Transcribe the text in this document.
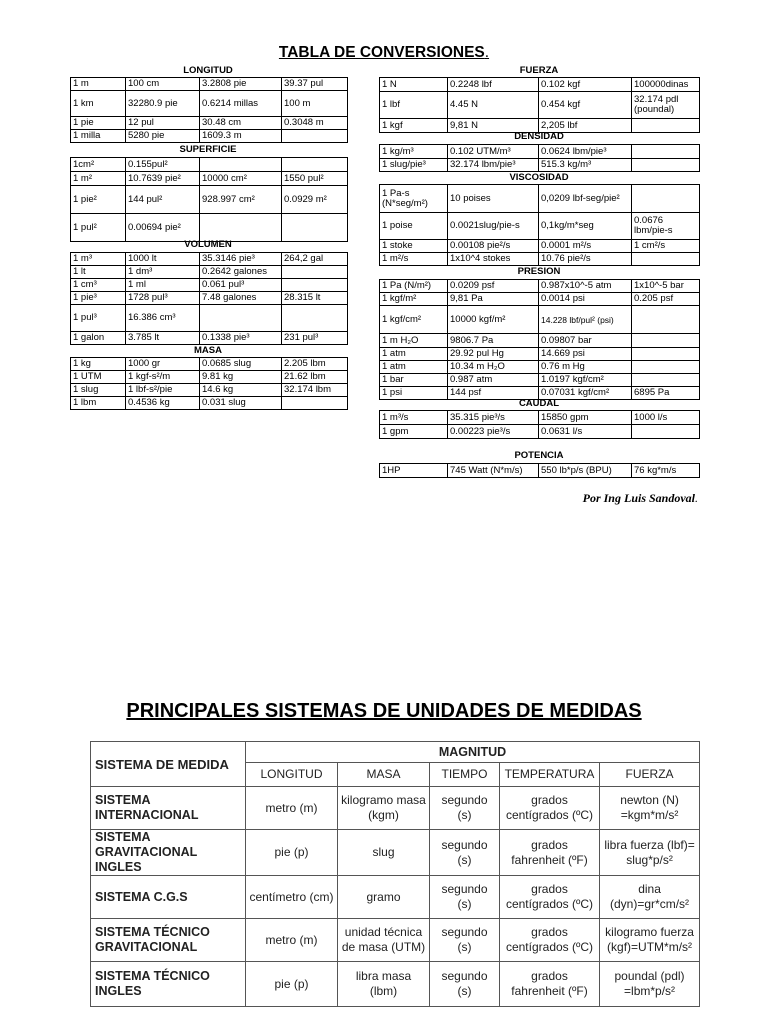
TABLA DE CONVERSIONES.
LONGITUD
1 m	100 cm	3.2808 pie	39.37 pul
1 km	32280.9 pie	0.6214 millas	100 m
1 pie	12 pul	30.48 cm	0.3048 m
1 milla	5280 pie	1609.3 m	
SUPERFICIE
1cm²	0.155pul²		
1 m²	10.7639 pie²	10000 cm²	1550 pul²
1 pie²	144 pul²	928.997 cm²	0.0929 m²
1 pul²	0.00694 pie²		
VOLUMEN
1 m³	1000 lt	35.3146 pie³	264,2 gal
1 lt	1 dm³	0.2642 galones	
1 cm³	1 ml	0.061 pul³	
1 pie³	1728 pul³	7.48 galones	28.315 lt
1 pul³	16.386 cm³		
1 galon	3.785 lt	0.1338 pie³	231 pul³
MASA
1 kg	1000 gr	0.0685 slug	2.205 lbm
1 UTM	1 kgf-s²/m	9.81 kg	21.62 lbm
1 slug	1 lbf-s²/pie	14.6 kg	32.174 lbm
1 lbm	0.4536 kg	0.031 slug	
FUERZA
1 N	0.2248 lbf	0.102 kgf	100000dinas
1 lbf	4.45 N	0.454 kgf	32.174 pdl (poundal)
1 kgf	9,81 N	2,205 lbf	
DENSIDAD
1 kg/m³	0.102 UTM/m³	0.0624 lbm/pie³	
1 slug/pie³	32.174 lbm/pie³	515.3 kg/m³	
VISCOSIDAD
1 Pa-s (N*seg/m²)	10 poises	0,0209 lbf-seg/pie²	
1 poise	0.0021slug/pie-s	0,1kg/m*seg	0.0676 lbm/pie-s
1 stoke	0.00108 pie²/s	0.0001 m²/s	1 cm²/s
1 m²/s	1x10^4 stokes	10.76 pie²/s	
PRESION
1 Pa (N/m²)	0.0209 psf	0.987x10^-5 atm	1x10^-5 bar
1 kgf/m²	9,81 Pa	0.0014 psi	0.205 psf
1 kgf/cm²	10000 kgf/m²	14.228 lbf/pul² (psi)	
1 m H₂O	9806.7 Pa	0.09807 bar	
1 atm	29.92 pul Hg	14.669 psi	
1 atm	10.34 m H₂O	0.76 m Hg	
1 bar	0.987 atm	1.0197 kgf/cm²	
1 psi	144 psf	0.07031 kgf/cm²	6895 Pa
CAUDAL
1 m³/s	35.315 pie³/s	15850 gpm	1000 l/s
1 gpm	0.00223 pie³/s	0.0631 l/s	
POTENCIA
1HP	745 Watt (N*m/s)	550 lb*p/s (BPU)	76 kg*m/s
Por Ing Luis Sandoval.
PRINCIPALES SISTEMAS DE UNIDADES DE MEDIDAS
SISTEMA DE MEDIDA	MAGNITUD				
	LONGITUD	MASA	TIEMPO	TEMPERATURA	FUERZA
SISTEMA INTERNACIONAL	metro (m)	kilogramo masa (kgm)	segundo (s)	grados centígrados (ºC)	newton (N) =kgm*m/s²
SISTEMA GRAVITACIONAL INGLES	pie (p)	slug	segundo (s)	grados fahrenheit (ºF)	libra fuerza (lbf)= slug*p/s²
SISTEMA C.G.S	centímetro (cm)	gramo	segundo (s)	grados centígrados (ºC)	dina (dyn)=gr*cm/s²
SISTEMA TÉCNICO GRAVITACIONAL	metro (m)	unidad técnica de masa (UTM)	segundo (s)	grados centígrados (ºC)	kilogramo fuerza (kgf)=UTM*m/s²
SISTEMA TÉCNICO INGLES	pie (p)	libra masa (lbm)	segundo (s)	grados fahrenheit (ºF)	poundal (pdl) =lbm*p/s²
